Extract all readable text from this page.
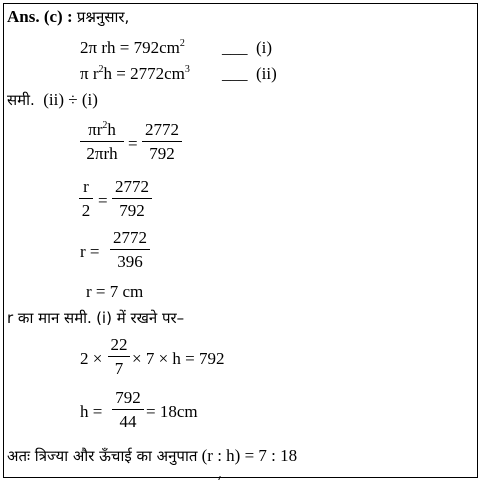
Ans. (c) : प्रश्ननुसार,
2π rh = $792cm^2$ ___ (i)
π $r^2h = 2772cm^3$ ___ (ii)
समी. (ii) ÷ (i)
$\pi r^2h$
2πrh
= $\frac{2772}{792}$
$\frac{r}{2} = \frac{2772}{792}$
$r = \frac{2772}{396}$
r = 7 cm
r का मान समी. (i) में रखने पर–
$2 \times \frac{22}{7} \times 7 \times h = 792$
$h = \frac{792}{44} = 18cm$
अतः त्रिज्या और ऊँचाई का अनुपात (r : h) = 7 : 18
